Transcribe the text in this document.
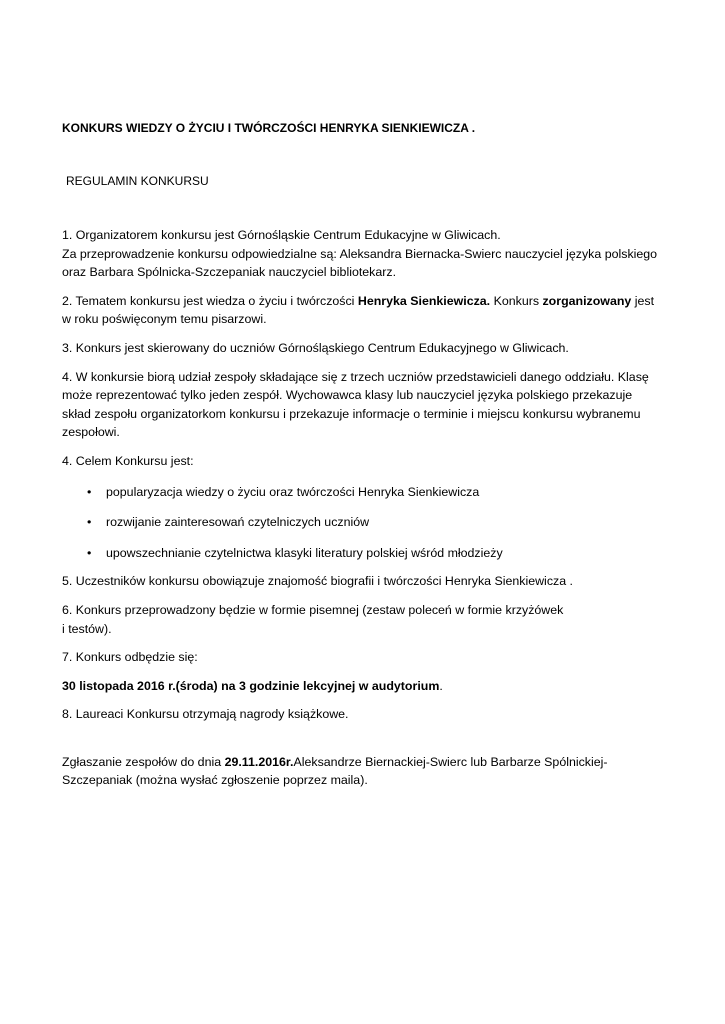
KONKURS WIEDZY O ŻYCIU I TWÓRCZOŚCI HENRYKA SIENKIEWICZA .

REGULAMIN KONKURSU

1. Organizatorem konkursu jest Górnośląskie Centrum Edukacyjne w Gliwicach.
Za przeprowadzenie konkursu odpowiedzialne są: Aleksandra Biernacka-Swierc nauczyciel języka polskiego oraz Barbara Spólnicka-Szczepaniak nauczyciel bibliotekarz.

2. Tematem konkursu jest wiedza o życiu i twórczości Henryka Sienkiewicza. Konkurs zorganizowany jest w roku poświęconym temu pisarzowi.

3. Konkurs jest skierowany do uczniów Górnośląskiego Centrum Edukacyjnego w Gliwicach.

4. W konkursie biorą udział zespoły składające się z trzech uczniów przedstawicieli danego oddziału. Klasę może reprezentować tylko jeden zespół. Wychowawca klasy lub nauczyciel języka polskiego przekazuje skład zespołu organizatorkom konkursu i przekazuje informacje o terminie i miejscu konkursu wybranemu zespołowi.

4. Celem Konkursu jest:

• popularyzacja wiedzy o życiu oraz twórczości Henryka Sienkiewicza
• rozwijanie zainteresowań czytelniczych uczniów
• upowszechnianie czytelnictwa klasyki literatury polskiej wśród młodzieży

5. Uczestników konkursu obowiązuje znajomość biografii i twórczości Henryka Sienkiewicza .

6. Konkurs przeprowadzony będzie w formie pisemnej (zestaw poleceń w formie krzyżówek
i testów).

7. Konkurs odbędzie się:

30 listopada 2016 r.(środa) na 3 godzinie lekcyjnej w audytorium.

8. Laureaci Konkursu otrzymają nagrody książkowe.

Zgłaszanie zespołów do dnia 29.11.2016r.Aleksandrze Biernackiej-Swierc lub Barbarze Spólnickiej-Szczepaniak (można wysłać zgłoszenie poprzez maila).
